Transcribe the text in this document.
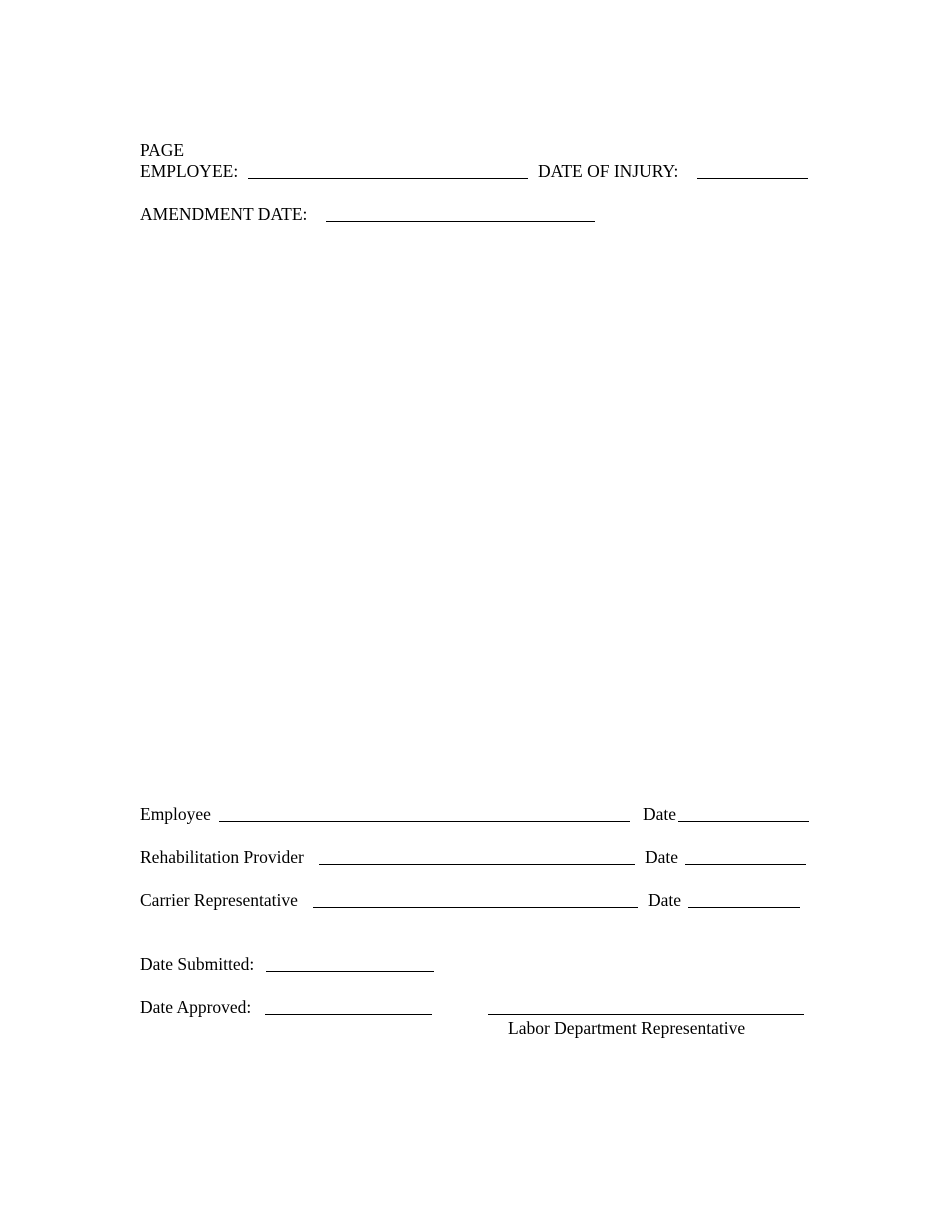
PAGE
EMPLOYEE:	DATE OF INJURY:
AMENDMENT DATE:
Employee	Date
Rehabilitation Provider	Date
Carrier Representative	Date
Date Submitted:
Date Approved:
Labor Department Representative
